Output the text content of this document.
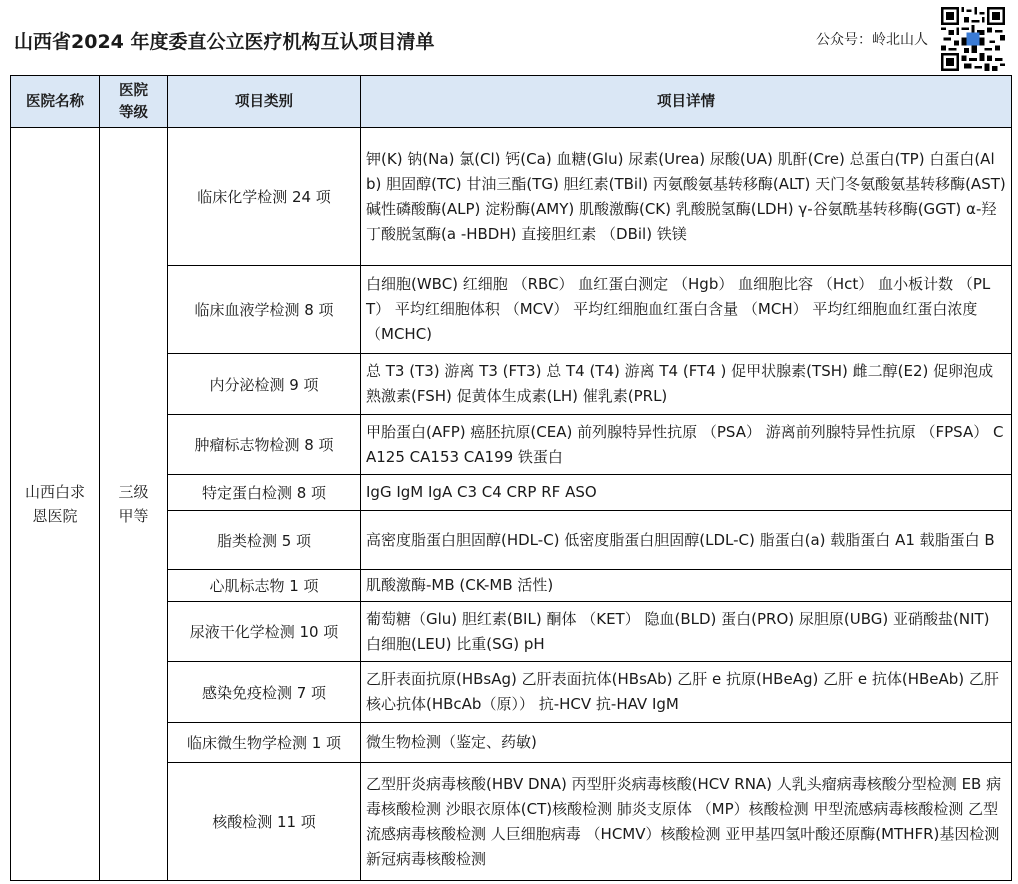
山西省2024 年度委直公立医疗机构互认项目清单	公众号：岭北山人
医院名称	医院等级	项目类别	项目详情
山西白求恩医院	三级甲等	临床化学检测 24 项	钾(K) 钠(Na) 氯(Cl) 钙(Ca) 血糖(Glu) 尿素(Urea) 尿酸(UA) 肌酐(Cre) 总蛋白(TP) 白蛋白(Alb) 胆固醇(TC) 甘油三酯(TG) 胆红素(TBil) 丙氨酸氨基转移酶(ALT) 天门冬氨酸氨基转移酶(AST) 碱性磷酸酶(ALP) 淀粉酶(AMY) 肌酸激酶(CK) 乳酸脱氢酶(LDH) γ-谷氨酰基转移酶(GGT) α-羟丁酸脱氢酶(a -HBDH) 直接胆红素 （DBil) 铁镁
		临床血液学检测 8 项	白细胞(WBC) 红细胞 （RBC） 血红蛋白测定 （Hgb） 血细胞比容 （Hct） 血小板计数 （PLT） 平均红细胞体积 （MCV） 平均红细胞血红蛋白含量 （MCH） 平均红细胞血红蛋白浓度 （MCHC)
		内分泌检测 9 项	总 T3 (T3) 游离 T3 (FT3) 总 T4 (T4) 游离 T4 (FT4 ) 促甲状腺素(TSH) 雌二醇(E2) 促卵泡成熟激素(FSH) 促黄体生成素(LH) 催乳素(PRL)
		肿瘤标志物检测 8 项	甲胎蛋白(AFP) 癌胚抗原(CEA) 前列腺特异性抗原 （PSA） 游离前列腺特异性抗原 （FPSA） CA125 CA153 CA199 铁蛋白
		特定蛋白检测 8 项	IgG IgM IgA C3 C4 CRP RF ASO
		脂类检测 5 项	高密度脂蛋白胆固醇(HDL-C) 低密度脂蛋白胆固醇(LDL-C) 脂蛋白(a) 载脂蛋白 A1 载脂蛋白 B
		心肌标志物 1 项	肌酸激酶-MB (CK-MB 活性)
		尿液干化学检测 10 项	葡萄糖（Glu) 胆红素(BIL) 酮体 （KET） 隐血(BLD) 蛋白(PRO) 尿胆原(UBG) 亚硝酸盐(NIT) 白细胞(LEU) 比重(SG) pH
		感染免疫检测 7 项	乙肝表面抗原(HBsAg) 乙肝表面抗体(HBsAb) 乙肝 e 抗原(HBeAg) 乙肝 e 抗体(HBeAb) 乙肝核心抗体(HBcAb（原）） 抗-HCV 抗-HAV IgM
		临床微生物学检测 1 项	微生物检测（鉴定、药敏)
		核酸检测 11 项	乙型肝炎病毒核酸(HBV DNA) 丙型肝炎病毒核酸(HCV RNA) 人乳头瘤病毒核酸分型检测 EB 病毒核酸检测 沙眼衣原体(CT)核酸检测 肺炎支原体 （MP）核酸检测 甲型流感病毒核酸检测 乙型流感病毒核酸检测 人巨细胞病毒 （HCMV）核酸检测 亚甲基四氢叶酸还原酶(MTHFR)基因检测 新冠病毒核酸检测
